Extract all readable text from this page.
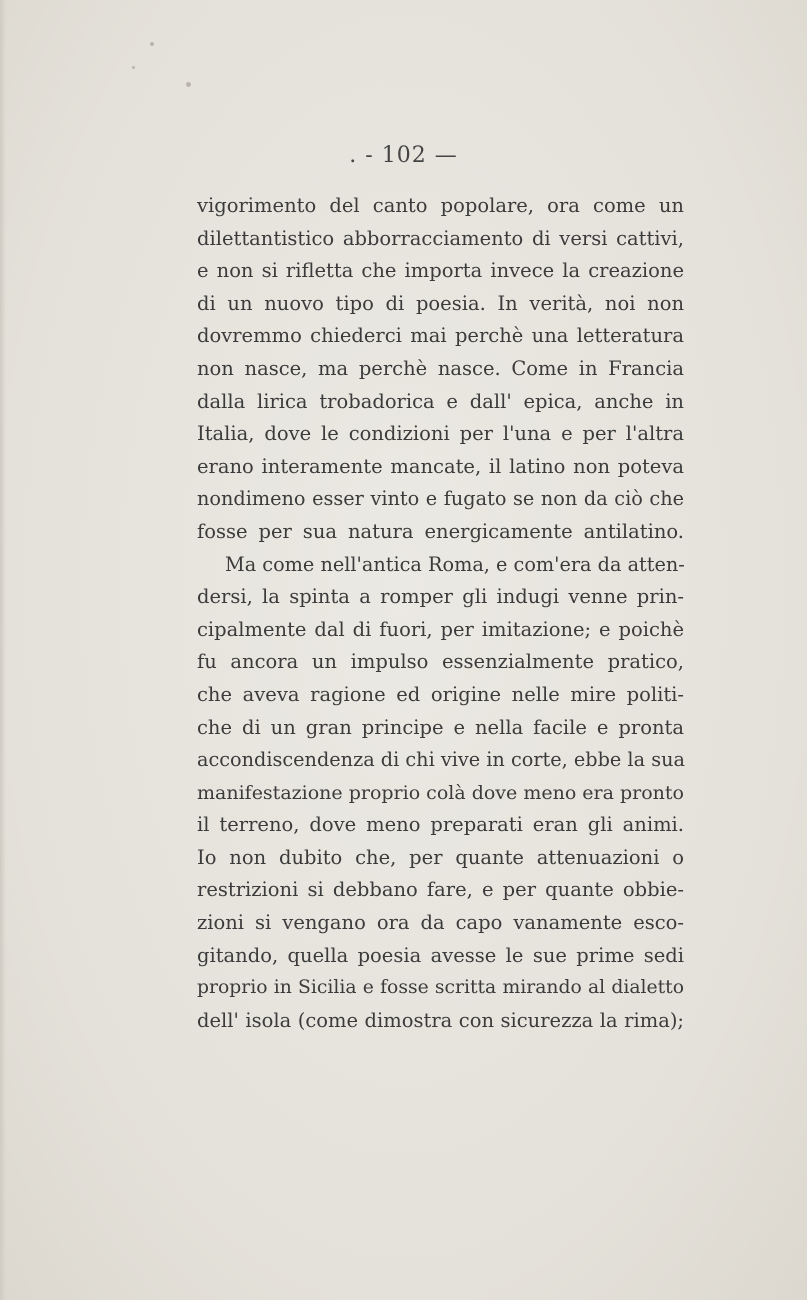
. - 102 —
vigorimento del canto popolare, ora come un
dilettantistico abborracciamento di versi cattivi,
e non si rifletta che importa invece la creazione
di un nuovo tipo di poesia. In verità, noi non
dovremmo chiederci mai perchè una letteratura
non nasce, ma perchè nasce. Come in Francia
dalla lirica trobadorica e dall' epica, anche in
Italia, dove le condizioni per l'una e per l'altra
erano interamente mancate, il latino non poteva
nondimeno esser vinto e fugato se non da ciò che
fosse per sua natura energicamente antilatino.
Ma come nell'antica Roma, e com'era da atten-
dersi, la spinta a romper gli indugi venne prin-
cipalmente dal di fuori, per imitazione; e poichè
fu ancora un impulso essenzialmente pratico,
che aveva ragione ed origine nelle mire politi-
che di un gran principe e nella facile e pronta
accondiscendenza di chi vive in corte, ebbe la sua
manifestazione proprio colà dove meno era pronto
il terreno, dove meno preparati eran gli animi.
Io non dubito che, per quante attenuazioni o
restrizioni si debbano fare, e per quante obbie-
zioni si vengano ora da capo vanamente esco-
gitando, quella poesia avesse le sue prime sedi
proprio in Sicilia e fosse scritta mirando al dialetto
dell' isola (come dimostra con sicurezza la rima);
